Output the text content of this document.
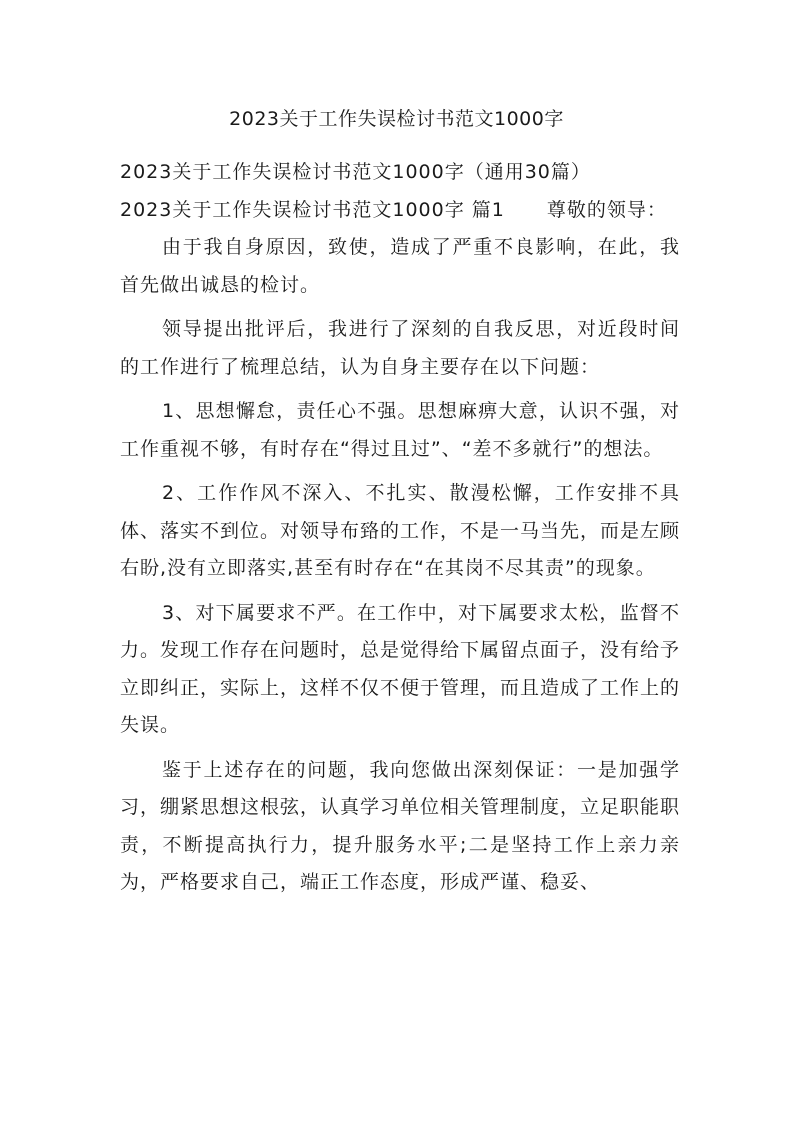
2023关于工作失误检讨书范文1000字
2023关于工作失误检讨书范文1000字（通用30篇）
2023关于工作失误检讨书范文1000字 篇1 尊敬的领导：

由于我自身原因，致使，造成了严重不良影响，在此，我首先做出诚恳的检讨。

领导提出批评后，我进行了深刻的自我反思，对近段时间的工作进行了梳理总结，认为自身主要存在以下问题：

1、思想懈怠，责任心不强。思想麻痹大意，认识不强，对工作重视不够，有时存在“得过且过”、“差不多就行”的想法。

2、工作作风不深入、不扎实、散漫松懈，工作安排不具体、落实不到位。对领导布臵的工作，不是一马当先，而是左顾右盼,没有立即落实,甚至有时存在“在其岗不尽其责”的现象。

3、对下属要求不严。在工作中，对下属要求太松，监督不力。发现工作存在问题时，总是觉得给下属留点面子，没有给予立即纠正，实际上，这样不仅不便于管理，而且造成了工作上的失误。

鉴于上述存在的问题，我向您做出深刻保证：一是加强学习，绷紧思想这根弦，认真学习单位相关管理制度，立足职能职责，不断提高执行力，提升服务水平;二是坚持工作上亲力亲为，严格要求自己，端正工作态度，形成严谨、稳妥、
